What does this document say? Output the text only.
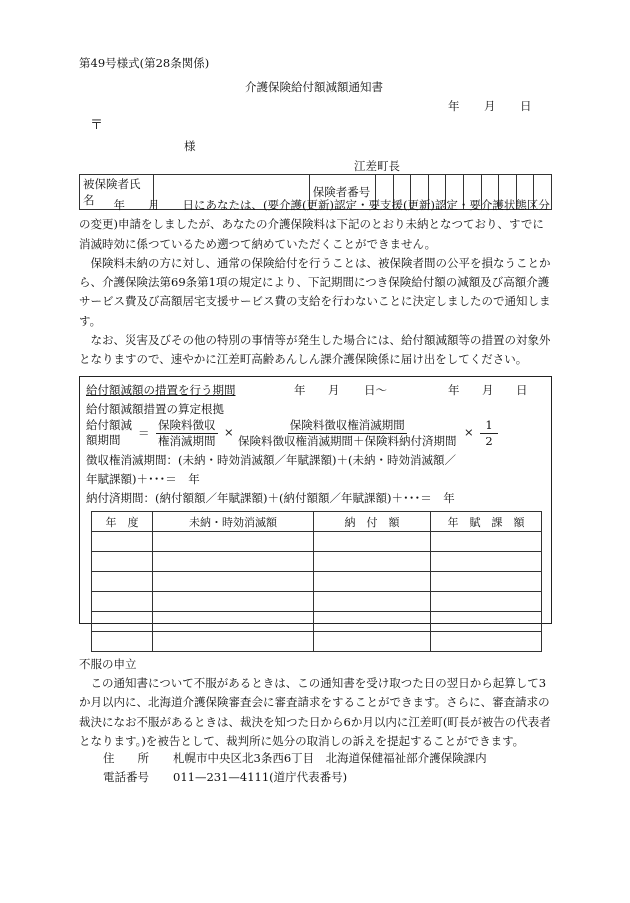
第49号様式(第28条関係)
介護保険給付額減額通知書
年 月 日
〒
様
江差町長
被保険者氏名		保険者番号										

年　　月　　日にあなたは、(要介護(更新)認定・要支援(更新)認定・要介護状態区分の変更)申請をしましたが、あなたの介護保険料は下記のとおり未納となつており、すでに消滅時効に係つているため遡つて納めていただくことができません。

保険料未納の方に対し、通常の保険給付を行うことは、被保険者間の公平を損なうことから、介護保険法第69条第1項の規定により、下記期間につき保険給付額の減額及び高額介護サービス費及び高額居宅支援サービス費の支給を行わないことに決定しましたので通知します。

なお、災害及びその他の特別の事情等が発生した場合には、給付額減額等の措置の対象外となりますので、速やかに江差町高齢あんしん課介護保険係に届け出をしてください。

給付額減額の措置を行う期間	年 月 日〜	年 月 日
給付額減額措置の算定根拠
給付額減
額期間	＝
保険料徴収
権消滅期間
×	保険料徴収権消滅期間
保険料徴収権消滅期間＋保険料納付済期間
× $\frac{1}{2}$
徴収権消滅期間：(未納・時効消滅額／年賦課額)＋(未納・時効消滅額／
年賦課額)＋･･･＝　年
納付済期間：(納付額額／年賦課額)＋(納付額額／年賦課額)＋･･･＝　年
年　度	未納・時効消滅額	納　付　額	年　賦　課　額

不服の申立

この通知書について不服があるときは、この通知書を受け取つた日の翌日から起算して3か月以内に、北海道介護保険審査会に審査請求をすることができます。さらに、審査請求の裁決になお不服があるときは、裁決を知つた日から6か月以内に江差町(町長が被告の代表者となります。)を被告として、裁判所に処分の取消しの訴えを提起することができます。

住　　所 札幌市中央区北3条西6丁目　北海道保健福祉部介護保険課内
電話番号 011—231—4111(道庁代表番号)
